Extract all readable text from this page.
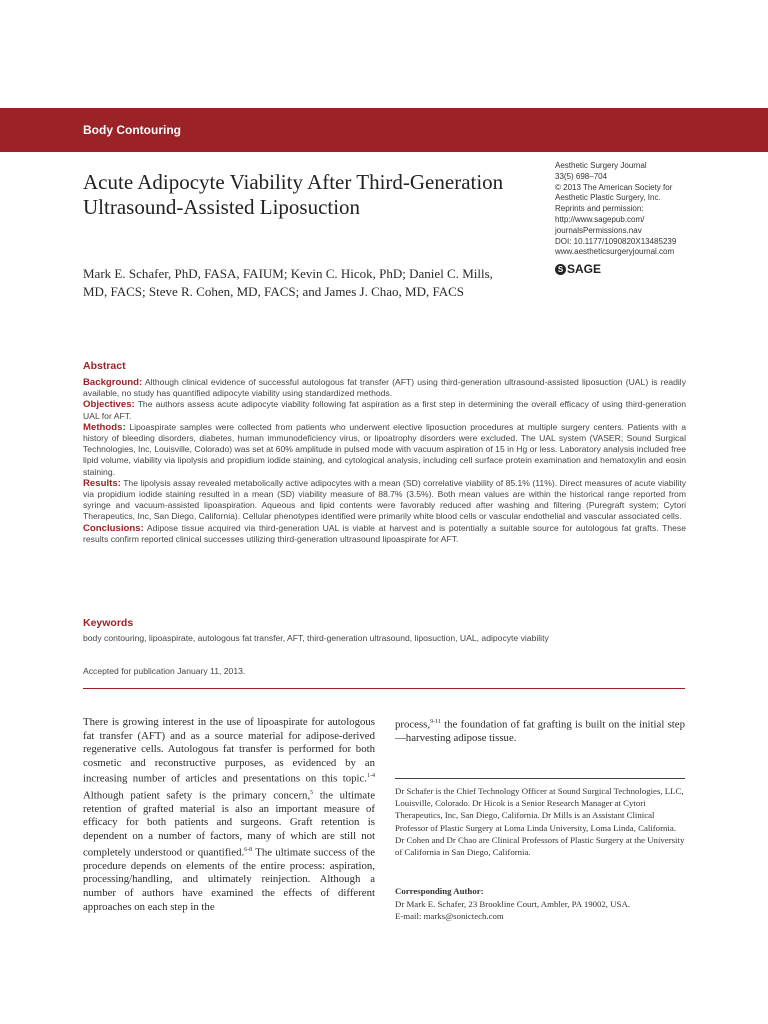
Body Contouring
Acute Adipocyte Viability After Third-Generation Ultrasound-Assisted Liposuction
Aesthetic Surgery Journal
33(5) 698–704
© 2013 The American Society for
Aesthetic Plastic Surgery, Inc.
Reprints and permission:
http://www.sagepub.com/
journalsPermissions.nav
DOI: 10.1177/1090820X13485239
www.aestheticsurgeryjournal.com
S SAGE
Mark E. Schafer, PhD, FASA, FAIUM; Kevin C. Hicok, PhD; Daniel C. Mills, MD, FACS; Steve R. Cohen, MD, FACS; and James J. Chao, MD, FACS
Abstract

Background: Although clinical evidence of successful autologous fat transfer (AFT) using third-generation ultrasound-assisted liposuction (UAL) is readily available, no study has quantified adipocyte viability using standardized methods.

Objectives: The authors assess acute adipocyte viability following fat aspiration as a first step in determining the overall efficacy of using third-generation UAL for AFT.

Methods: Lipoaspirate samples were collected from patients who underwent elective liposuction procedures at multiple surgery centers. Patients with a history of bleeding disorders, diabetes, human immunodeficiency virus, or lipoatrophy disorders were excluded. The UAL system (VASER; Sound Surgical Technologies, Inc, Louisville, Colorado) was set at 60% amplitude in pulsed mode with vacuum aspiration of 15 in Hg or less. Laboratory analysis included free lipid volume, viability via lipolysis and propidium iodide staining, and cytological analysis, including cell surface protein examination and hematoxylin and eosin staining.

Results: The lipolysis assay revealed metabolically active adipocytes with a mean (SD) correlative viability of 85.1% (11%). Direct measures of acute viability via propidium iodide staining resulted in a mean (SD) viability measure of 88.7% (3.5%). Both mean values are within the historical range reported from syringe and vacuum-assisted lipoaspiration. Aqueous and lipid contents were favorably reduced after washing and filtering (Puregraft system; Cytori Therapeutics, Inc, San Diego, California). Cellular phenotypes identified were primarily white blood cells or vascular endothelial and vascular associated cells.

Conclusions: Adipose tissue acquired via third-generation UAL is viable at harvest and is potentially a suitable source for autologous fat grafts. These results confirm reported clinical successes utilizing third-generation ultrasound lipoaspirate for AFT.

Keywords
body contouring, lipoaspirate, autologous fat transfer, AFT, third-generation ultrasound, liposuction, UAL, adipocyte viability
Accepted for publication January 11, 2013.

There is growing interest in the use of lipoaspirate for autologous fat transfer (AFT) and as a source material for adipose-derived regenerative cells. Autologous fat transfer is performed for both cosmetic and reconstructive purposes, as evidenced by an increasing number of articles and presentations on this topic.$^{1-4}$ Although patient safety is the primary concern,$^5$ the ultimate retention of grafted material is also an important measure of efficacy for both patients and surgeons. Graft retention is dependent on a number of factors, many of which are still not completely understood or quantified.$^{6-8}$ The ultimate success of the procedure depends on elements of the entire process: aspiration, processing/handling, and ultimately reinjection. Although a number of authors have examined the effects of different approaches on each step in the

process,$^{9-11}$ the foundation of fat grafting is built on the initial step—harvesting adipose tissue.

Dr Schafer is the Chief Technology Officer at Sound Surgical Technologies, LLC, Louisville, Colorado. Dr Hicok is a Senior Research Manager at Cytori Therapeutics, Inc, San Diego, California. Dr Mills is an Assistant Clinical Professor of Plastic Surgery at Loma Linda University, Loma Linda, California. Dr Cohen and Dr Chao are Clinical Professors of Plastic Surgery at the University of California in San Diego, California.

Corresponding Author:
Dr Mark E. Schafer, 23 Brookline Court, Ambler, PA 19002, USA.
E-mail: marks@sonictech.com
